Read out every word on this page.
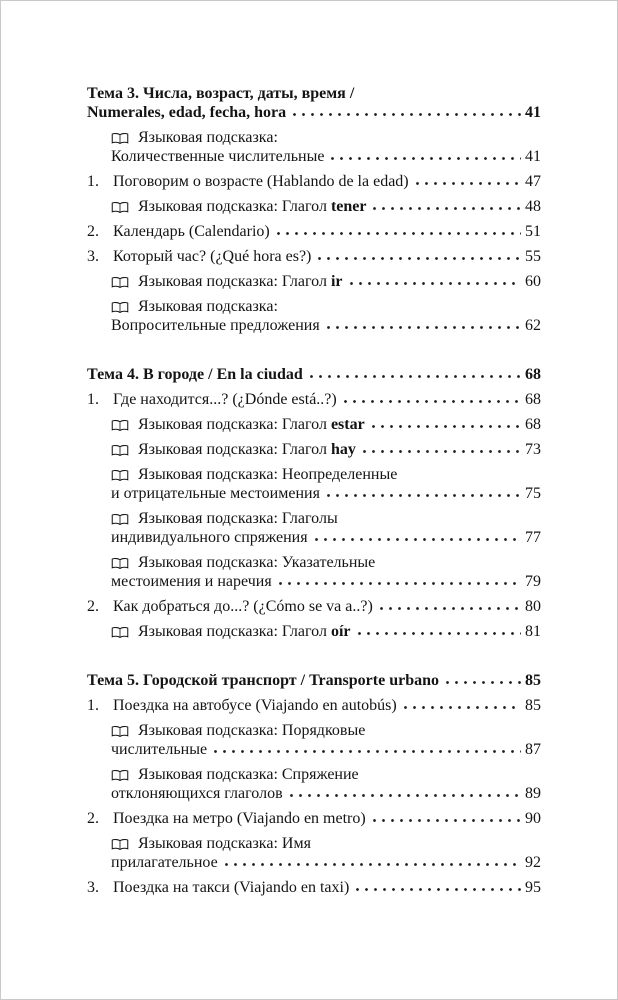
Тема 3. Числа, возраст, даты, время /
Numerales, edad, fecha, hora	41
Языковая подсказка:
Количественные числительные	41
1. Поговорим о возрасте (Hablando de la edad)	47
Языковая подсказка: Глагол tener	48
2. Календарь (Calendario)	51
3. Который час? (¿Qué hora es?)	55
Языковая подсказка: Глагол ir	60
Языковая подсказка:
Вопросительные предложения	62
Тема 4. В городе / En la ciudad	68
1. Где находится...? (¿Dónde está..?)	68
Языковая подсказка: Глагол estar	68
Языковая подсказка: Глагол hay	73
Языковая подсказка: Неопределенные
и отрицательные местоимения	75
Языковая подсказка: Глаголы
индивидуального спряжения	77
Языковая подсказка: Указательные
местоимения и наречия	79
2. Как добраться до...? (¿Cómo se va a..?)	80
Языковая подсказка: Глагол oír	81
Тема 5. Городской транспорт / Transporte urbano	85
1. Поездка на автобусе (Viajando en autobús)	85
Языковая подсказка: Порядковые
числительные	87
Языковая подсказка: Спряжение
отклоняющихся глаголов	89
2. Поездка на метро (Viajando en metro)	90
Языковая подсказка: Имя
прилагательное	92
3. Поездка на такси (Viajando en taxi)	95
